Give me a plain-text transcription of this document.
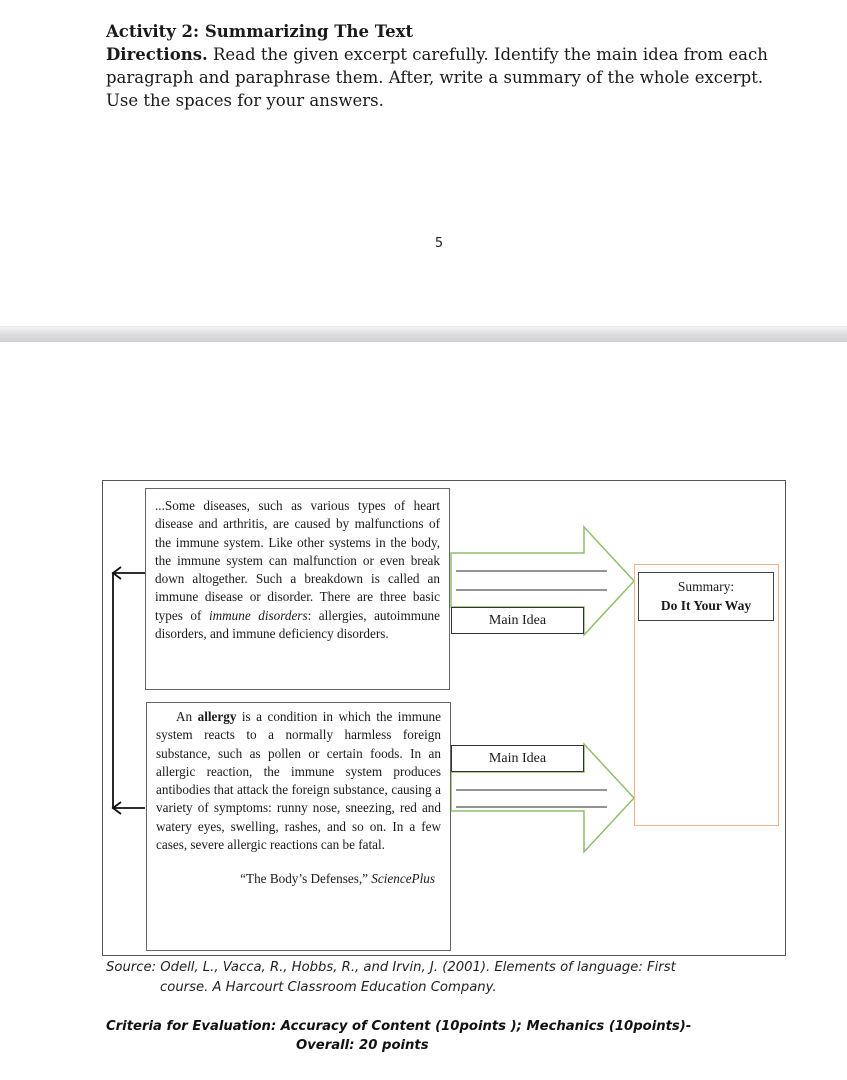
Activity 2: Summarizing The Text
Directions. Read the given excerpt carefully. Identify the main idea from each paragraph and paraphrase them. After, write a summary of the whole excerpt. Use the spaces for your answers.
5
...Some diseases, such as various types of heart disease and arthritis, are caused by malfunctions of the immune system. Like other systems in the body, the immune system can malfunction or even break down altogether. Such a breakdown is called an immune disease or disorder. There are three basic types of immune disorders: allergies, autoimmune disorders, and immune deficiency disorders.
An allergy is a condition in which the immune system reacts to a normally harmless foreign substance, such as pollen or certain foods. In an allergic reaction, the immune system produces antibodies that attack the foreign substance, causing a variety of symptoms: runny nose, sneezing, red and watery eyes, swelling, rashes, and so on. In a few cases, severe allergic reactions can be fatal.
“The Body’s Defenses,” SciencePlus
Main Idea
Main Idea
Summary:
Do It Your Way
Source: Odell, L., Vacca, R., Hobbs, R., and Irvin, J. (2001). Elements of language: First
course. A Harcourt Classroom Education Company.
Criteria for Evaluation: Accuracy of Content (10points ); Mechanics (10points)-
Overall: 20 points
